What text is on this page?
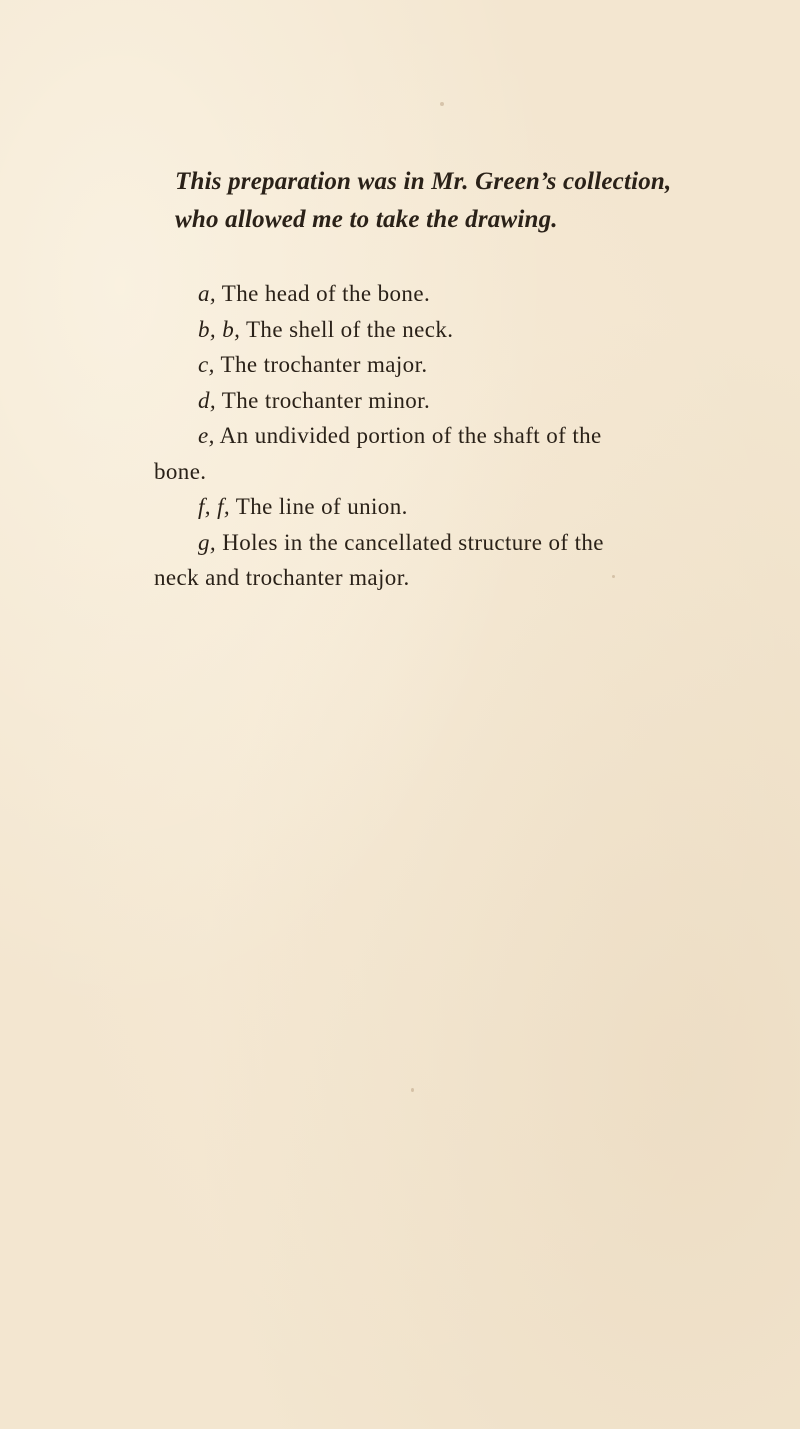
This preparation was in Mr. Green’s collection,
who allowed me to take the drawing.
a, The head of the bone.
b, b, The shell of the neck.
c, The trochanter major.
d, The trochanter minor.
e, An undivided portion of the shaft of the
bone.
f, f, The line of union.
g, Holes in the cancellated structure of the
neck and trochanter major.
